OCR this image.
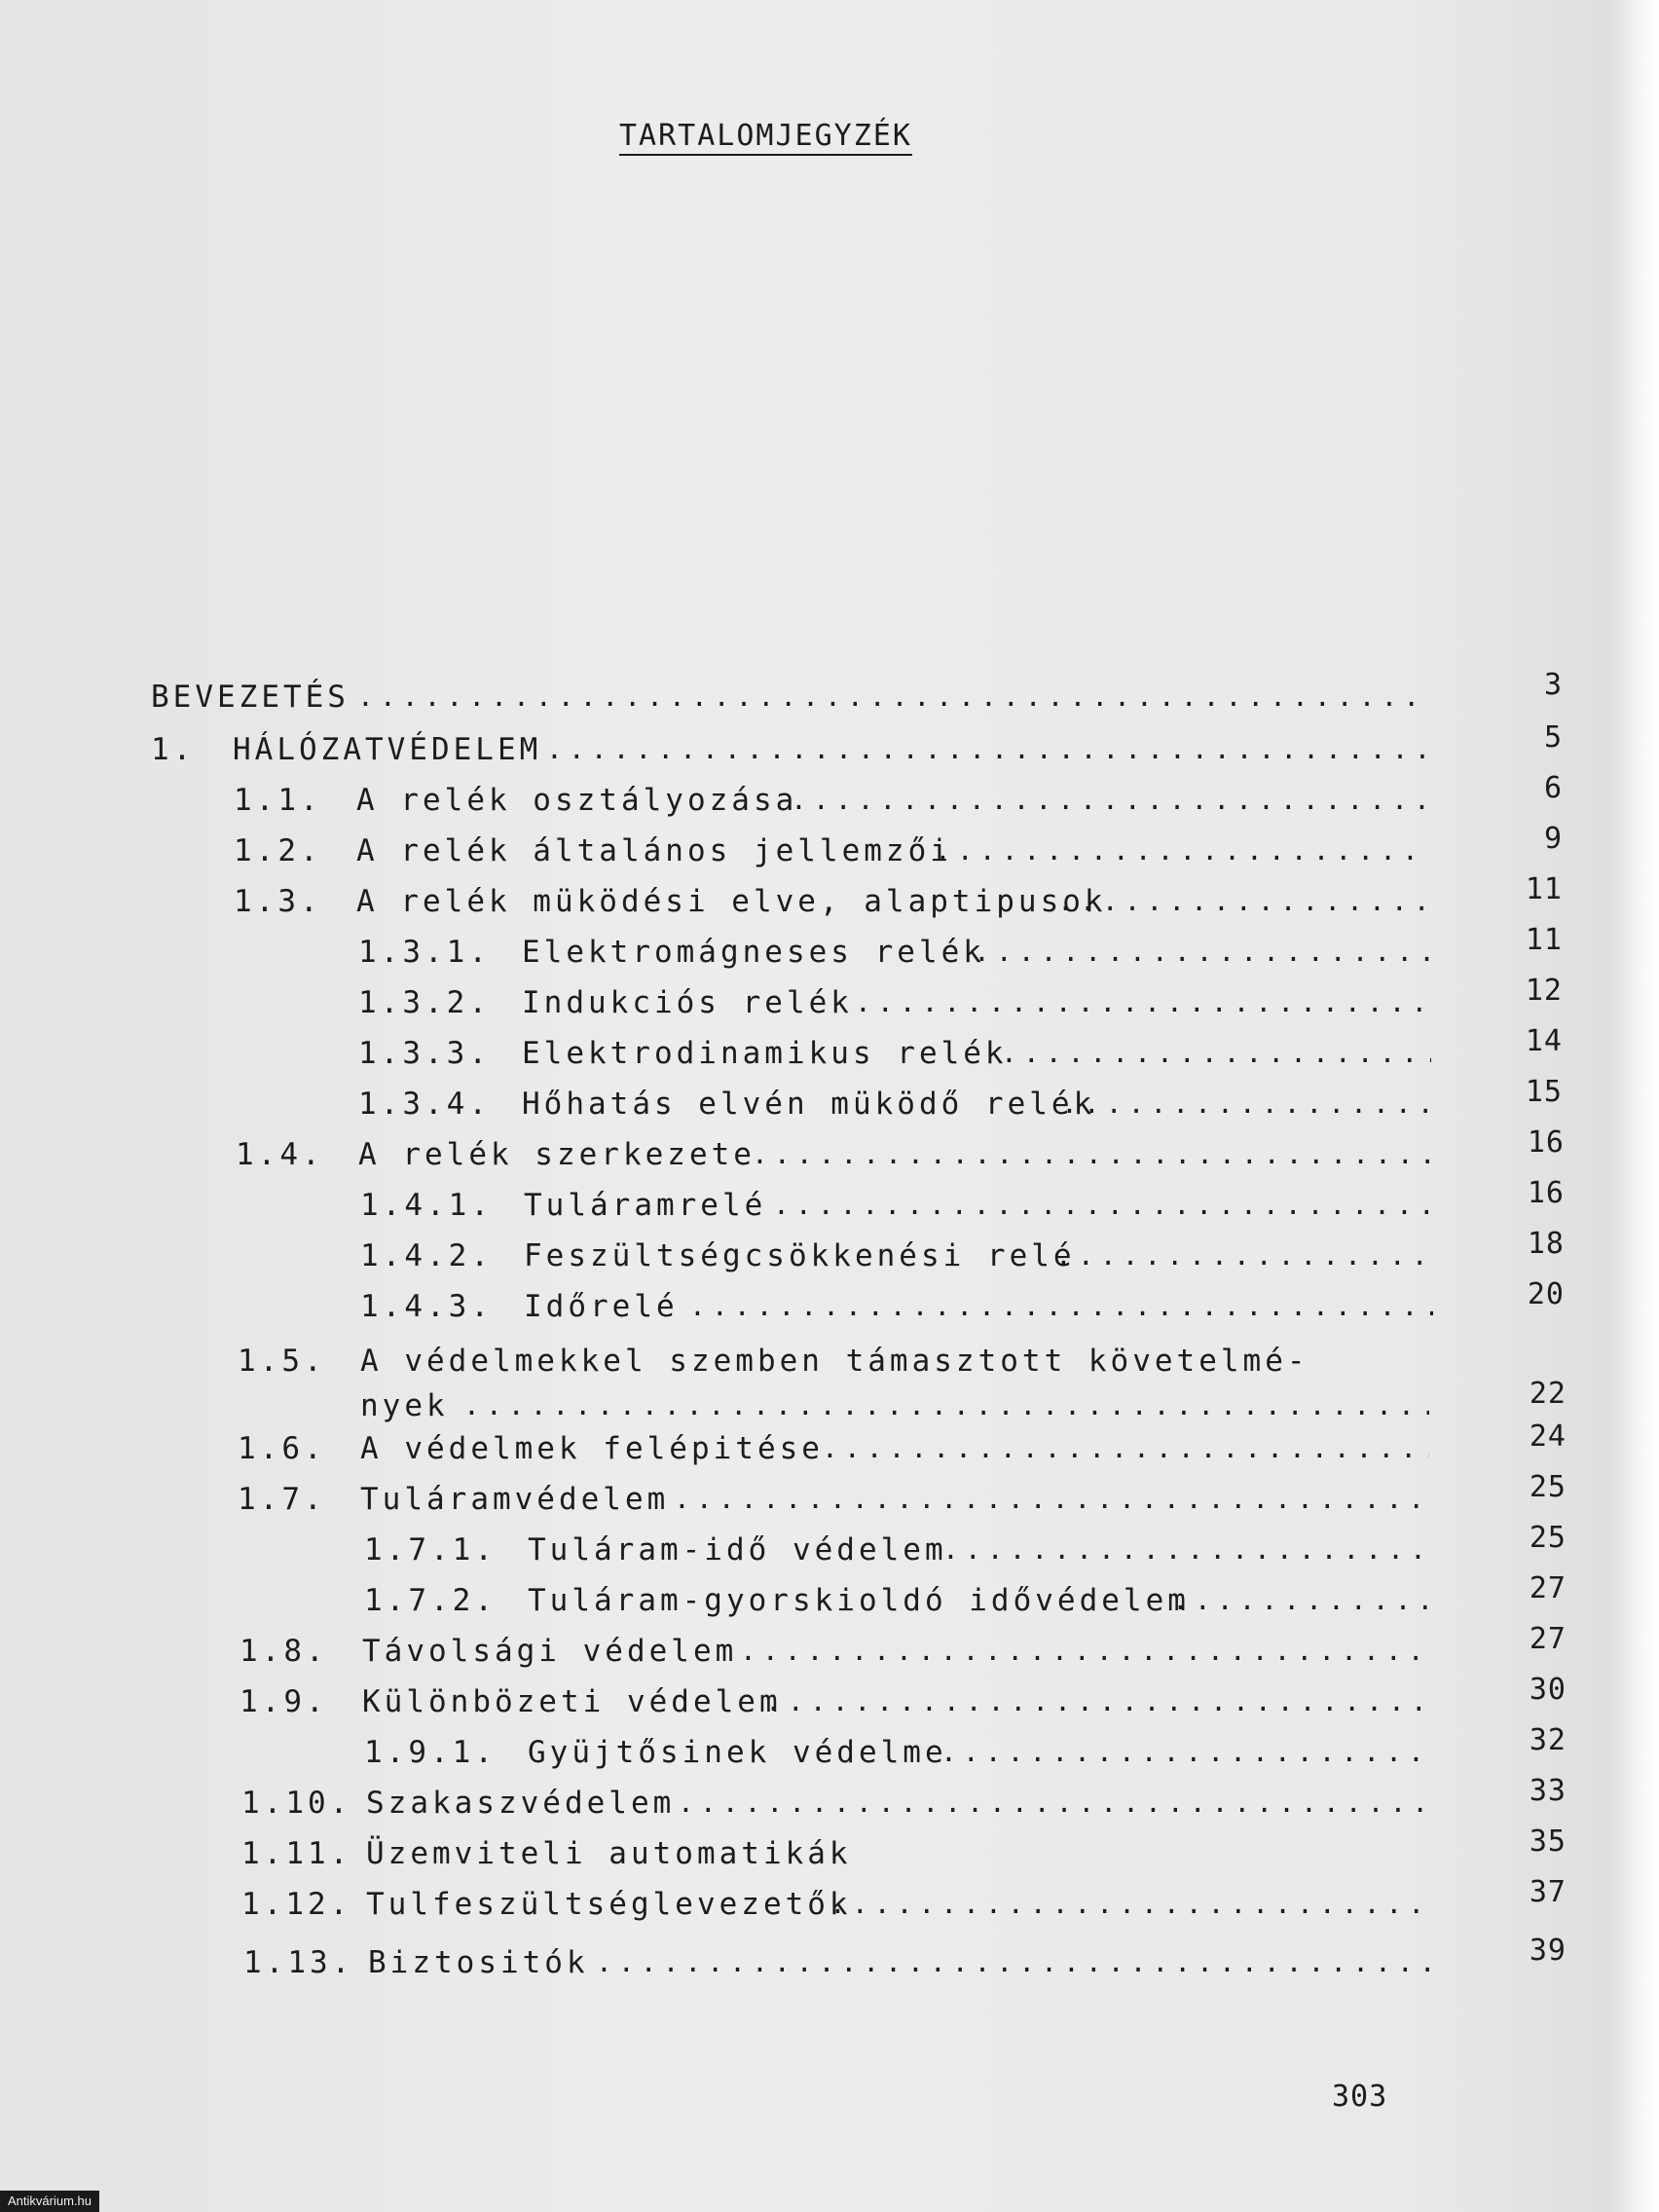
TARTALOMJEGYZÉK
BEVEZETÉS .....	3
1. HÁLÓZATVÉDELEM .....	5
1.1. A relék osztályozása .....	6
1.2. A relék általános jellemzői .....	9
1.3. A relék müködési elve, alaptipusok .....	11
1.3.1. Elektromágneses relék .....	11
1.3.2. Indukciós relék .....	12
1.3.3. Elektrodinamikus relék .....	14
1.3.4. Hőhatás elvén müködő relék .....	15
1.4. A relék szerkezete .....	16
1.4.1. Tuláramrelé .....	16
1.4.2. Feszültségcsökkenési relé .....	18
1.4.3. Időrelé .....	20
1.5. A védelmekkel szemben támasztott követelmé-
nyek .....	22
1.6. A védelmek felépitése .....	24
1.7. Tuláramvédelem .....	25
1.7.1. Tuláram-idő védelem .....	25
1.7.2. Tuláram-gyorskioldó idővédelem .....	27
1.8. Távolsági védelem .....	27
1.9. Különbözeti védelem .....	30
1.9.1. Gyüjtősinek védelme .....	32
1.10. Szakaszvédelem .....	33
1.11. Üzemviteli automatikák	35
1.12. Tulfeszültséglevezetők .....	37
1.13. Biztositók .....	39
303
Antikvárium.hu
